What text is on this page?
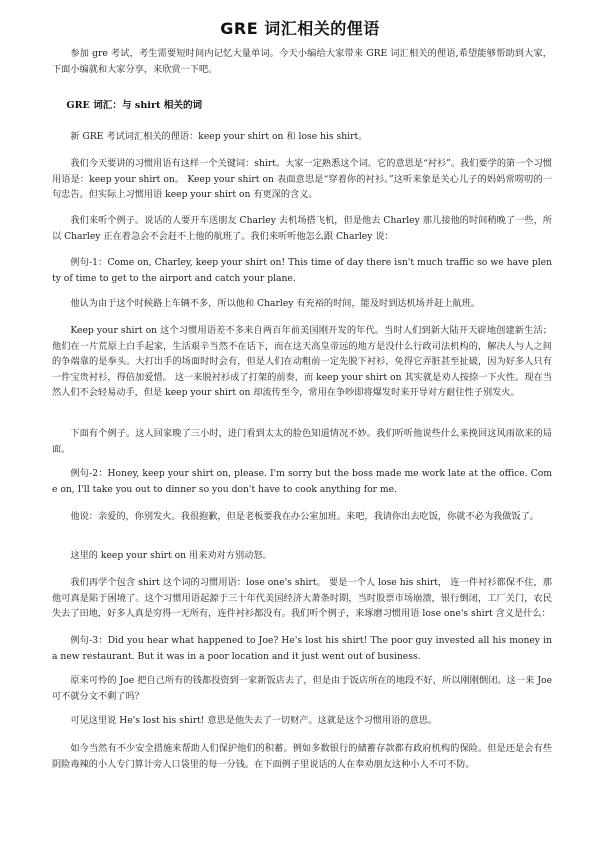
GRE 词汇相关的俚语

参加 gre 考试，考生需要短时间内记忆大量单词。今天小编给大家带来 GRE 词汇相关的俚语,希望能够帮助到大家，下面小编就和大家分享，来欣赏一下吧。

GRE 词汇：与 shirt 相关的词

新 GRE 考试词汇相关的俚语：keep your shirt on 和 lose his shirt。

我们今天要讲的习惯用语有这样一个关键词：shirt。大家一定熟悉这个词。它的意思是“衬衫”。我们要学的第一个习惯用语是：keep your shirt on。 Keep your shirt on 表面意思是“穿着你的衬衫。”这听来象是关心儿子的妈妈常唠叨的一句忠告。但实际上习惯用语 keep your shirt on 有更深的含义。

我们来听个例子。说话的人要开车送朋友 Charley 去机场搭飞机，但是他去 Charley 那儿接他的时间稍晚了一些，所以 Charley 正在着急会不会赶不上他的航班了。我们来听听他怎么跟 Charley 说：

例句-1：Come on, Charley, keep your shirt on! This time of day there isn't much traffic so we have plenty of time to get to the airport and catch your plane.

他认为由于这个时候路上车辆不多，所以他和 Charley 有充裕的时间，能及时到达机场并赶上航班。

Keep your shirt on 这个习惯用语差不多来自两百年前美国刚开发的年代。当时人们到新大陆开天辟地创建新生活；他们在一片荒原上白手起家，生活艰辛当然不在话下，而在这天高皇帝远的地方是没什么行政司法机构的，解决人与人之间的争端靠的是拳头。大打出手的场面时时会有，但是人们在动粗前一定先脱下衬衫，免得它弄脏甚至扯破，因为好多人只有一件宝贵衬衫，得倍加爱惜。 这一来脱衬衫成了打架的前奏，而 keep your shirt on 其实就是劝人按捺一下火性。现在当然人们不会轻易动手，但是 keep your shirt on 却流传至今，常用在争吵即将爆发时来开导对方耐住性子别发火。

下面有个例子。这人回家晚了三小时，进门看到太太的脸色知道情况不妙。我们听听他说些什么来挽回这风雨欲来的局面。

例句-2：Honey, keep your shirt on, please. I'm sorry but the boss made me work late at the office. Come on, I'll take you out to dinner so you don't have to cook anything for me.

他说：亲爱的，你别发火。我很抱歉，但是老板要我在办公室加班。来吧，我请你出去吃饭，你就不必为我做饭了。

这里的 keep your shirt on 用来劝对方别动怒。

我们再学个包含 shirt 这个词的习惯用语：lose one's shirt。 要是一个人 lose his shirt， 连一件衬衫都保不住，那他可真是陷于困境了。这个习惯用语起源于三十年代美国经济大萧条时期，当时股票市场崩溃，银行倒闭，工厂关门，农民失去了田地，好多人真是穷得一无所有，连件衬衫都没有。我们听个例子，来琢磨习惯用语 lose one's shirt 含义是什么：

例句-3：Did you hear what happened to Joe? He's lost his shirt! The poor guy invested all his money in a new restaurant. But it was in a poor location and it just went out of business.

原来可怜的 Joe 把自己所有的钱都投资到一家新饭店去了，但是由于饭店所在的地段不好，所以刚刚倒闭。这一来 Joe 可不就分文不剩了吗？

可见这里说 He's lost his shirt! 意思是他失去了一切财产。这就是这个习惯用语的意思。

如今当然有不少安全措施来帮助人们保护他们的积蓄。例如多数银行的储蓄存款都有政府机构的保险。但是还是会有些阴险毒辣的小人专门算计旁人口袋里的每一分钱。在下面例子里说话的人在奉劝朋友这种小人不可不防。
